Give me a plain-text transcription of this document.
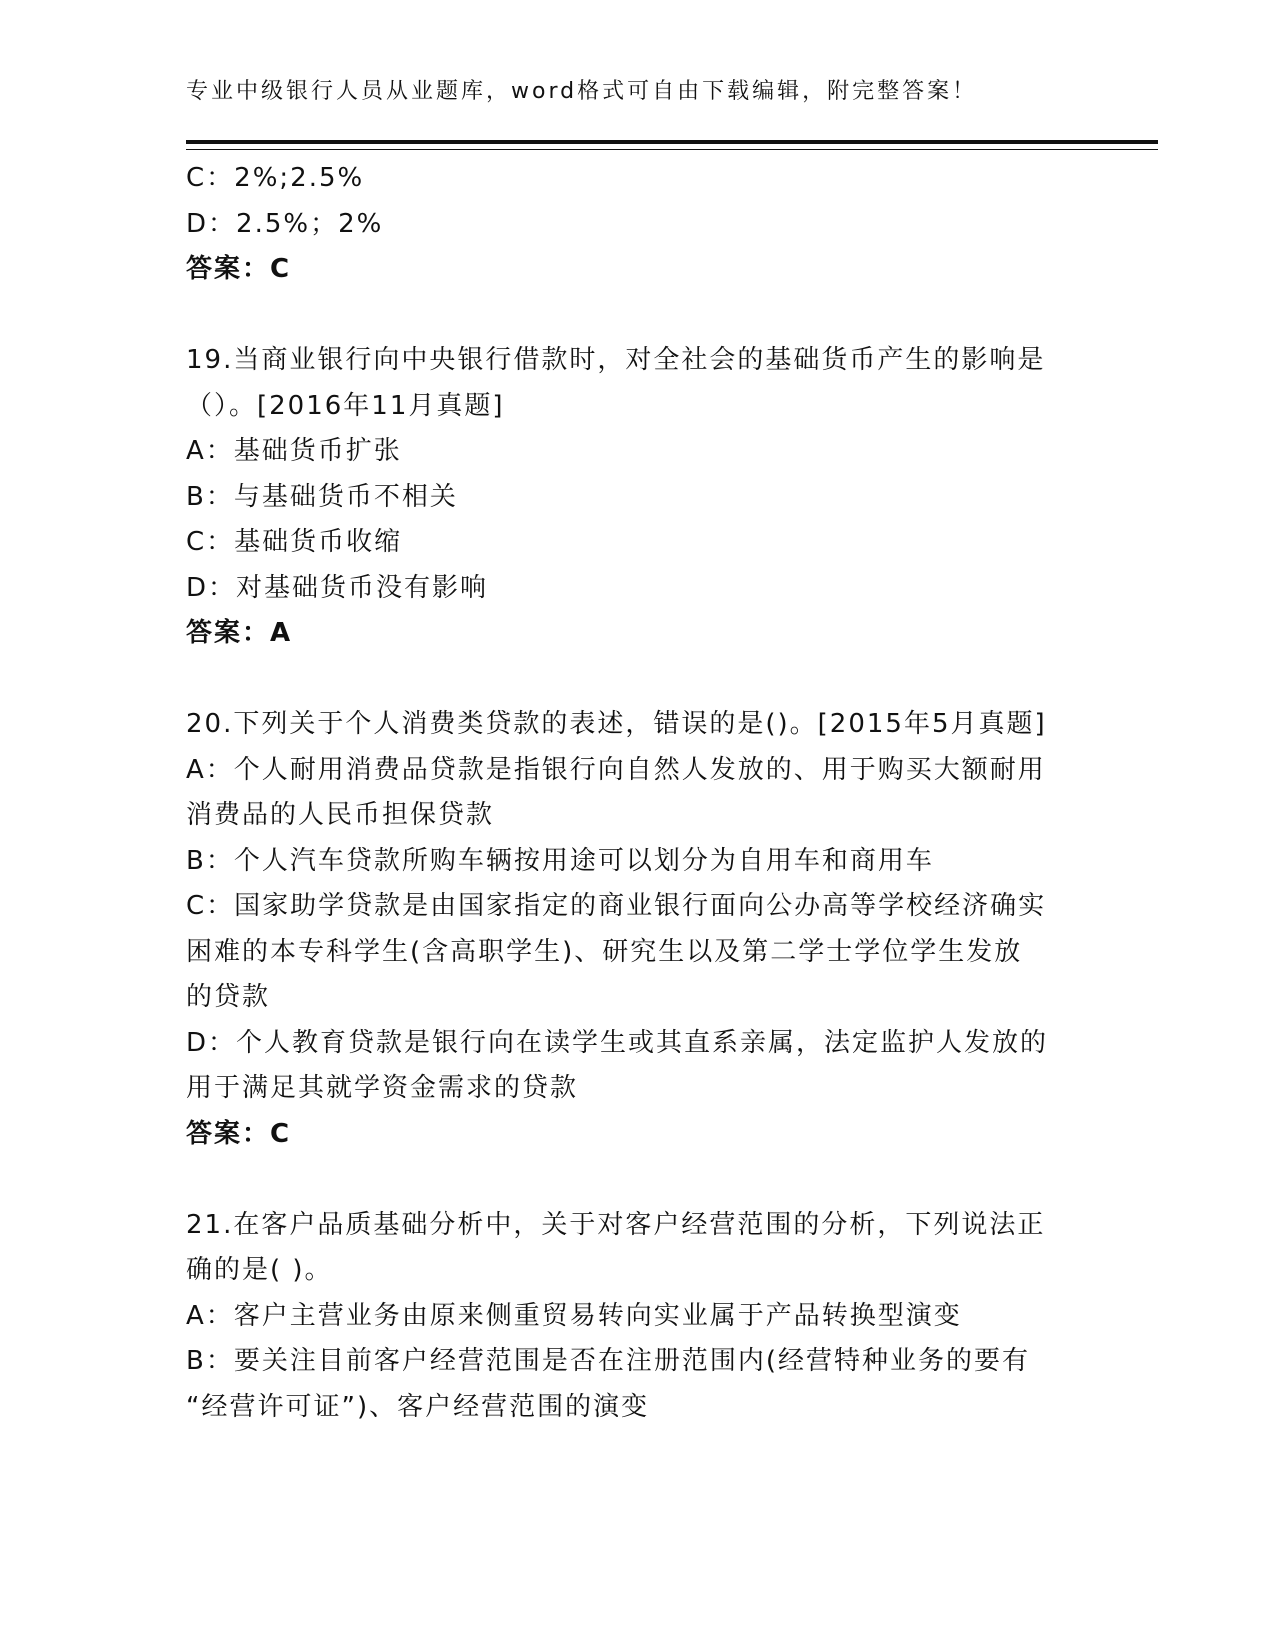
专业中级银行人员从业题库，word格式可自由下载编辑，附完整答案！
C：2%;2.5%
D：2.5%；2%
答案：C
19.当商业银行向中央银行借款时，对全社会的基础货币产生的影响是
（）。[2016年11月真题]
A：基础货币扩张
B：与基础货币不相关
C：基础货币收缩
D：对基础货币没有影响
答案：A
20.下列关于个人消费类贷款的表述，错误的是()。[2015年5月真题]
A：个人耐用消费品贷款是指银行向自然人发放的、用于购买大额耐用
消费品的人民币担保贷款
B：个人汽车贷款所购车辆按用途可以划分为自用车和商用车
C：国家助学贷款是由国家指定的商业银行面向公办高等学校经济确实
困难的本专科学生(含高职学生)、研究生以及第二学士学位学生发放
的贷款
D：个人教育贷款是银行向在读学生或其直系亲属，法定监护人发放的
用于满足其就学资金需求的贷款
答案：C
21.在客户品质基础分析中，关于对客户经营范围的分析，下列说法正
确的是( )。
A：客户主营业务由原来侧重贸易转向实业属于产品转换型演变
B：要关注目前客户经营范围是否在注册范围内(经营特种业务的要有
“经营许可证”)、客户经营范围的演变
